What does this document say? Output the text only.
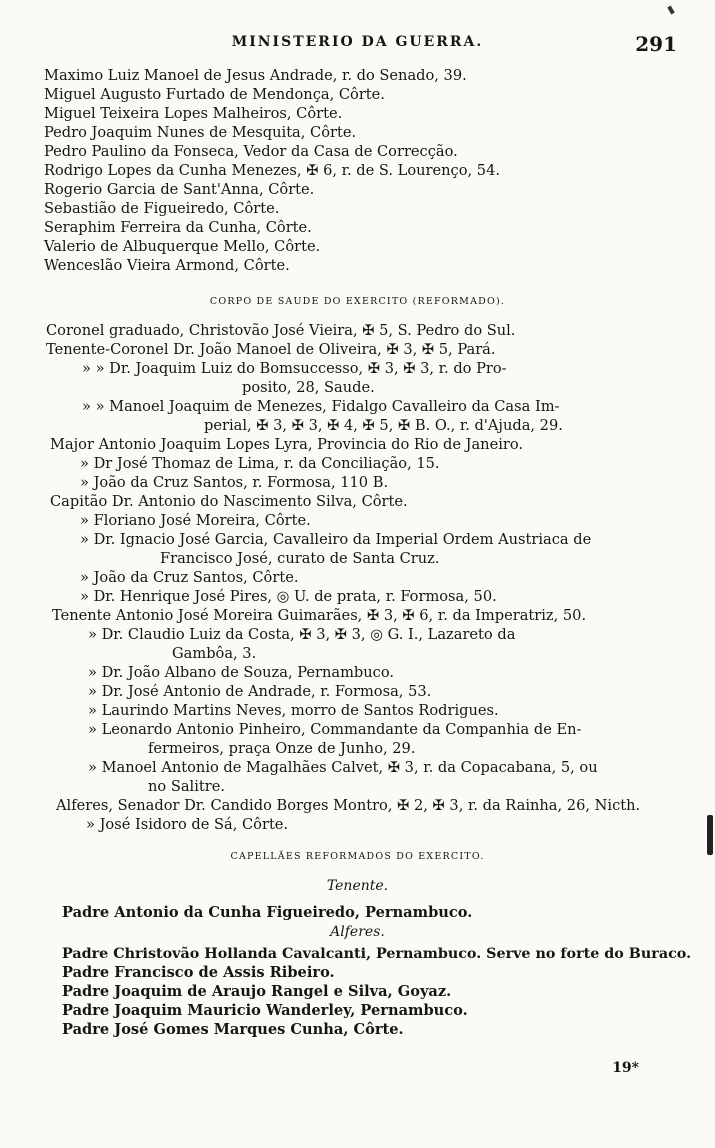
MINISTERIO DA GUERRA.	291
Maximo Luiz Manoel de Jesus Andrade, r. do Senado, 39.
Miguel Augusto Furtado de Mendonça, Côrte.
Miguel Teixeira Lopes Malheiros, Côrte.
Pedro Joaquim Nunes de Mesquita, Côrte.
Pedro Paulino da Fonseca, Vedor da Casa de Correcção.
Rodrigo Lopes da Cunha Menezes, ✠ 6, r. de S. Lourenço, 54.
Rogerio Garcia de Sant'Anna, Côrte.
Sebastião de Figueiredo, Côrte.
Seraphim Ferreira da Cunha, Côrte.
Valerio de Albuquerque Mello, Côrte.
Wenceslão Vieira Armond, Côrte.
CORPO DE SAUDE DO EXERCITO (REFORMADO).
Coronel graduado, Christovão José Vieira, ✠ 5, S. Pedro do Sul.
Tenente-Coronel Dr. João Manoel de Oliveira, ✠ 3, ✠ 5, Pará.
» » Dr. Joaquim Luiz do Bomsuccesso, ✠ 3, ✠ 3, r. do Pro-
posito, 28, Saude.
» » Manoel Joaquim de Menezes, Fidalgo Cavalleiro da Casa Im-
perial, ✠ 3, ✠ 3, ✠ 4, ✠ 5, ✠ B. O., r. d'Ajuda, 29.
Major Antonio Joaquim Lopes Lyra, Provincia do Rio de Janeiro.
» Dr José Thomaz de Lima, r. da Conciliação, 15.
» João da Cruz Santos, r. Formosa, 110 B.
Capitão Dr. Antonio do Nascimento Silva, Côrte.
» Floriano José Moreira, Côrte.
» Dr. Ignacio José Garcia, Cavalleiro da Imperial Ordem Austriaca de
Francisco José, curato de Santa Cruz.
» João da Cruz Santos, Côrte.
» Dr. Henrique José Pires, ◎ U. de prata, r. Formosa, 50.
Tenente Antonio José Moreira Guimarães, ✠ 3, ✠ 6, r. da Imperatriz, 50.
» Dr. Claudio Luiz da Costa, ✠ 3, ✠ 3, ◎ G. I., Lazareto da
Gambôa, 3.
» Dr. João Albano de Souza, Pernambuco.
» Dr. José Antonio de Andrade, r. Formosa, 53.
» Laurindo Martins Neves, morro de Santos Rodrigues.
» Leonardo Antonio Pinheiro, Commandante da Companhia de En-
fermeiros, praça Onze de Junho, 29.
» Manoel Antonio de Magalhães Calvet, ✠ 3, r. da Copacabana, 5, ou
no Salitre.
Alferes, Senador Dr. Candido Borges Montro, ✠ 2, ✠ 3, r. da Rainha, 26, Nicth.
» José Isidoro de Sá, Côrte.
CAPELLÃES REFORMADOS DO EXERCITO.
Tenente.
Padre Antonio da Cunha Figueiredo, Pernambuco.
Alferes.
Padre Christovão Hollanda Cavalcanti, Pernambuco. Serve no forte do Buraco.
Padre Francisco de Assis Ribeiro.
Padre Joaquim de Araujo Rangel e Silva, Goyaz.
Padre Joaquim Mauricio Wanderley, Pernambuco.
Padre José Gomes Marques Cunha, Côrte.
19*
